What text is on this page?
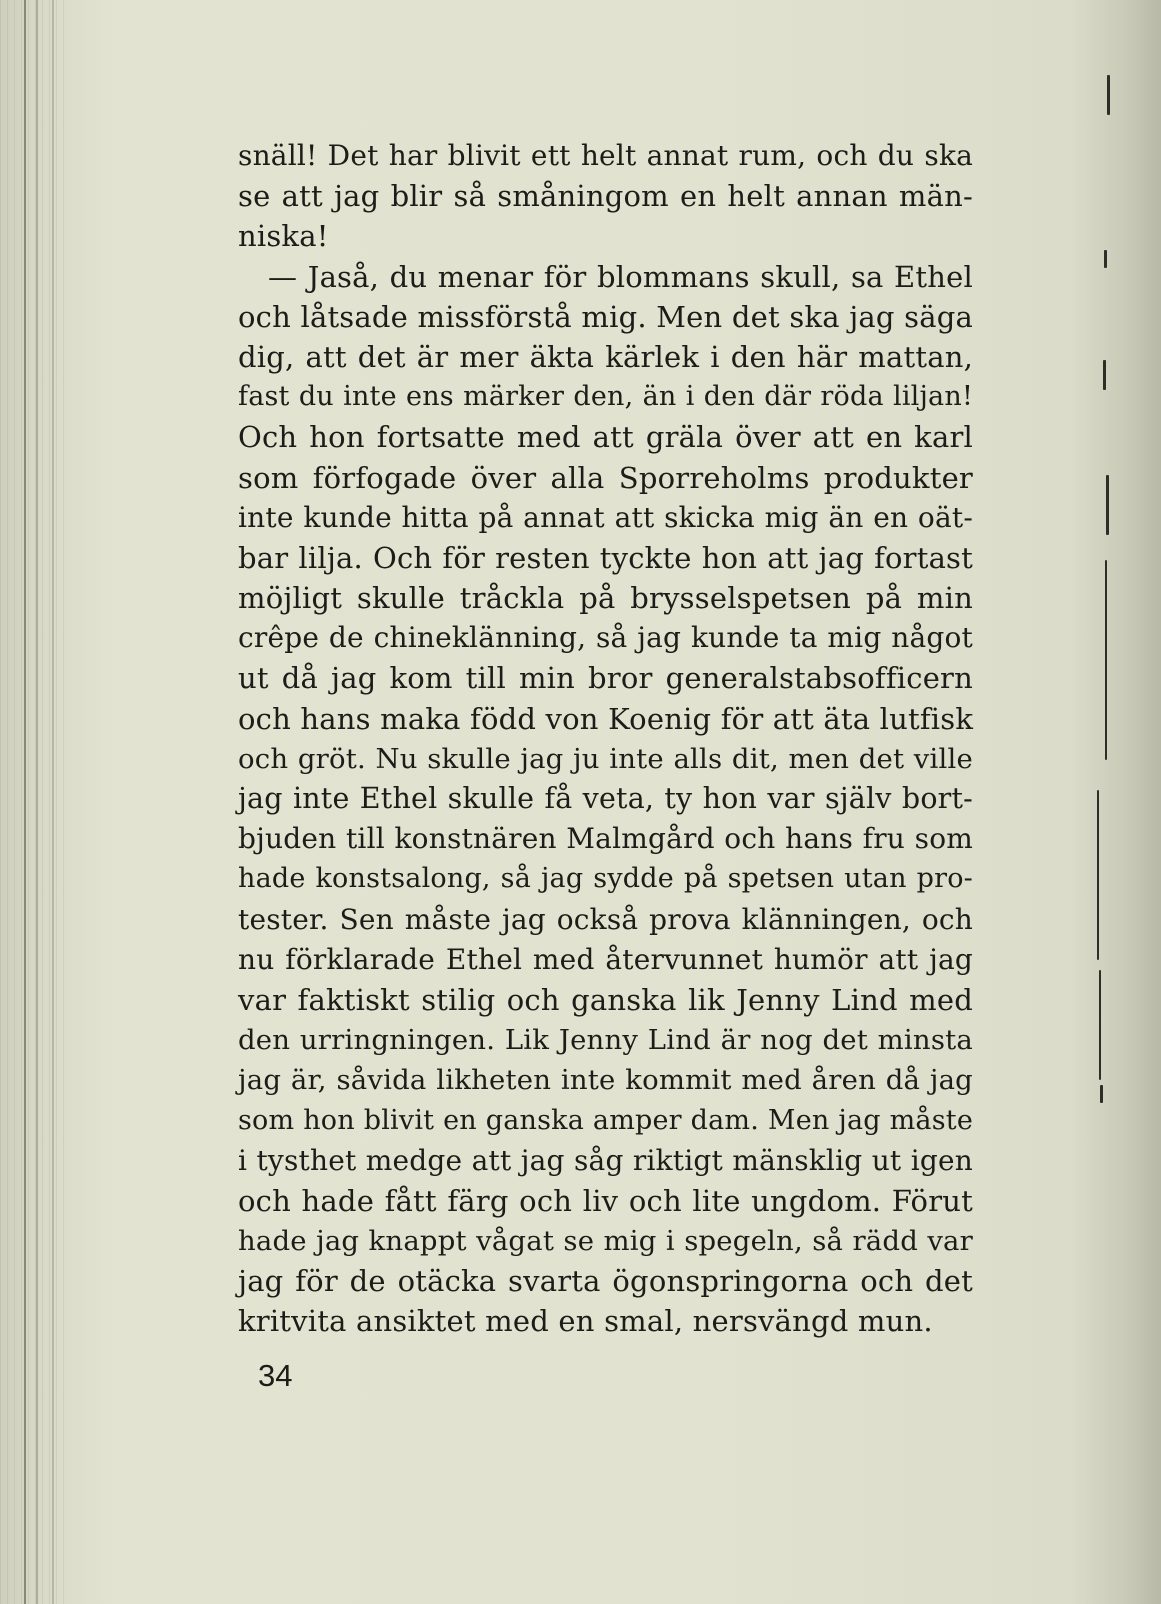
snäll! Det har blivit ett helt annat rum, och du ska
se att jag blir så småningom en helt annan män-
niska!
— Jaså, du menar för blommans skull, sa Ethel
och låtsade missförstå mig. Men det ska jag säga
dig, att det är mer äkta kärlek i den här mattan,
fast du inte ens märker den, än i den där röda liljan!
Och hon fortsatte med att gräla över att en karl
som förfogade över alla Sporreholms produkter
inte kunde hitta på annat att skicka mig än en oät-
bar lilja. Och för resten tyckte hon att jag fortast
möjligt skulle tråckla på brysselspetsen på min
crêpe de chineklänning, så jag kunde ta mig något
ut då jag kom till min bror generalstabsofficern
och hans maka född von Koenig för att äta lutfisk
och gröt. Nu skulle jag ju inte alls dit, men det ville
jag inte Ethel skulle få veta, ty hon var själv bort-
bjuden till konstnären Malmgård och hans fru som
hade konstsalong, så jag sydde på spetsen utan pro-
tester. Sen måste jag också prova klänningen, och
nu förklarade Ethel med återvunnet humör att jag
var faktiskt stilig och ganska lik Jenny Lind med
den urringningen. Lik Jenny Lind är nog det minsta
jag är, såvida likheten inte kommit med åren då jag
som hon blivit en ganska amper dam. Men jag måste
i tysthet medge att jag såg riktigt mänsklig ut igen
och hade fått färg och liv och lite ungdom. Förut
hade jag knappt vågat se mig i spegeln, så rädd var
jag för de otäcka svarta ögonspringorna och det
kritvita ansiktet med en smal, nersvängd mun.
34
